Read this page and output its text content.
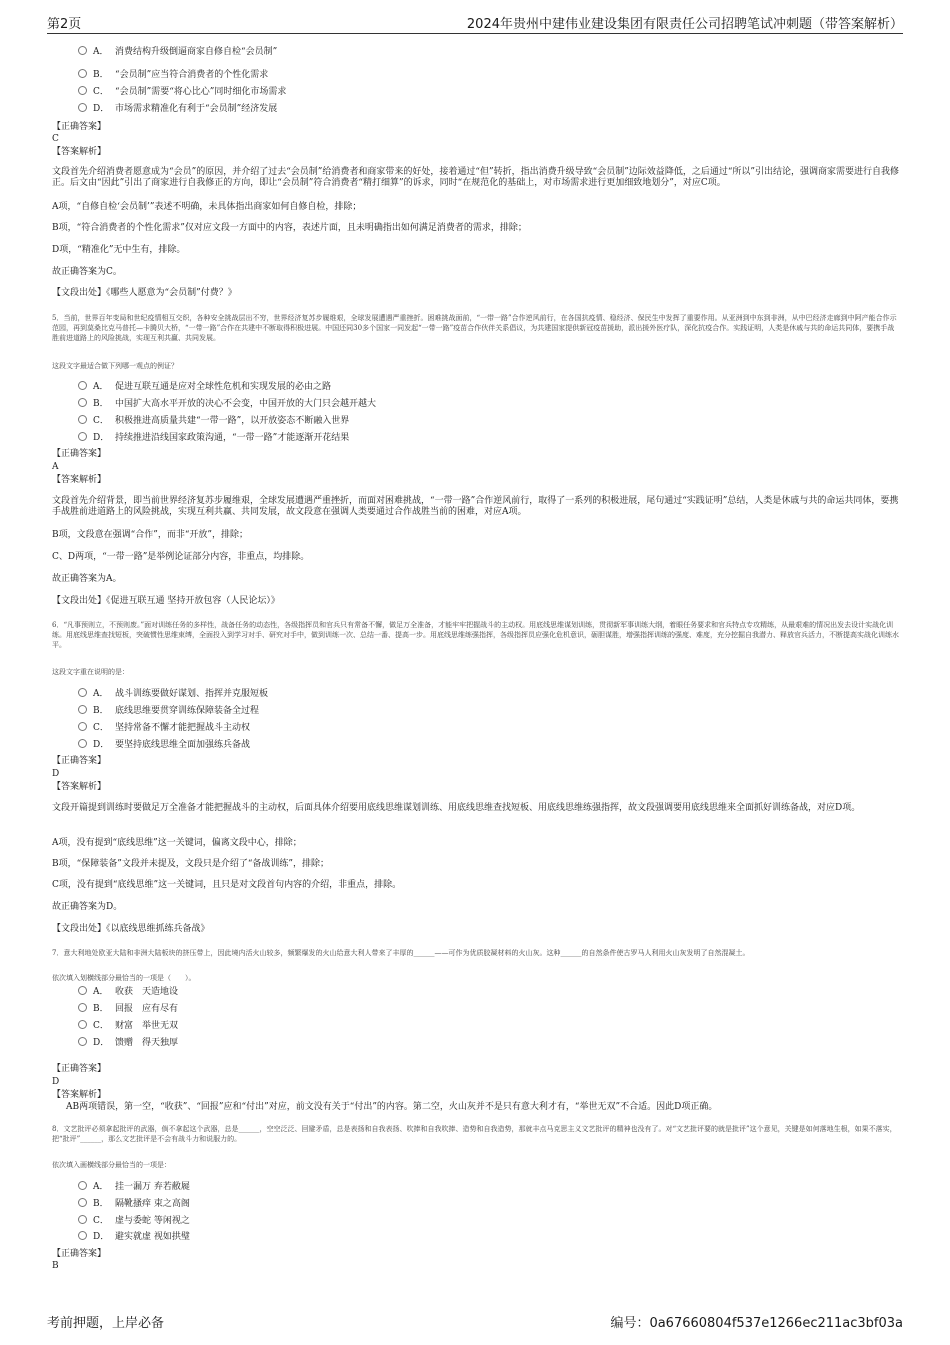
第2页	2024年贵州中建伟业建设集团有限责任公司招聘笔试冲刺题（带答案解析）
A． 消费结构升级倒逼商家自修自检“会员制”
B． “会员制”应当符合消费者的个性化需求
C． “会员制”需要“将心比心”同时细化市场需求
D． 市场需求精准化有利于“会员制”经济发展
【正确答案】
C
【答案解析】
文段首先介绍消费者愿意成为“会员”的原因，并介绍了过去“会员制”给消费者和商家带来的好处，接着通过“但”转折，指出消费升级导致“会员制”边际效益降低，之后通过“所以”引出结论，强调商家需要进行自我修正。后文由“因此”引出了商家进行自我修正的方向，即让“会员制”符合消费者“精打细算”的诉求，同时“在规范化的基础上，对市场需求进行更加细致地划分”，对应C项。
A项，“自修自检‘会员制’”表述不明确，未具体指出商家如何自修自检，排除；
B项，“符合消费者的个性化需求”仅对应文段一方面中的内容，表述片面，且未明确指出如何满足消费者的需求，排除；
D项，“精准化”无中生有，排除。
故正确答案为C。
【文段出处】《哪些人愿意为“会员制”付费？》
5．当前，世界百年变局和世纪疫情相互交织，各种安全挑战层出不穷，世界经济复苏步履维艰，全球发展遭遇严重挫折。困难挑战面前，“一带一路”合作逆风前行，在各国抗疫情、稳经济、保民生中发挥了重要作用。从亚洲到中东到非洲，从中巴经济走廊到中阿产能合作示范园，再到莫桑比克马普托—卡腾贝大桥，“一带一路”合作在共建中不断取得积极进展。中国还同30多个国家一同发起“一带一路”疫苗合作伙伴关系倡议，为共建国家提供新冠疫苗援助，派出援外医疗队，深化抗疫合作。实践证明，人类是休戚与共的命运共同体，要携手战胜前进道路上的风险挑战，实现互利共赢、共同发展。
这段文字最适合做下列哪一观点的例证？
A． 促进互联互通是应对全球性危机和实现发展的必由之路
B． 中国扩大高水平开放的决心不会变，中国开放的大门只会越开越大
C． 积极推进高质量共建“一带一路”，以开放姿态不断融入世界
D． 持续推进沿线国家政策沟通，“一带一路”才能逐渐开花结果
【正确答案】
A
【答案解析】
文段首先介绍背景，即当前世界经济复苏步履维艰，全球发展遭遇严重挫折，而面对困难挑战，“一带一路”合作逆风前行，取得了一系列的积极进展，尾句通过“实践证明”总结，人类是休戚与共的命运共同体，要携手战胜前进道路上的风险挑战，实现互利共赢、共同发展，故文段意在强调人类要通过合作战胜当前的困难，对应A项。
B项，文段意在强调“合作”，而非“开放”，排除；
C、D两项，“一带一路”是举例论证部分内容，非重点，均排除。
故正确答案为A。
【文段出处】《促进互联互通 坚持开放包容（人民论坛）》
6．“凡事预则立，不预则废。”面对训练任务的多样性，战备任务的动态性，各级指挥员和官兵只有常备不懈，做足万全准备，才能牢牢把握战斗的主动权。用底线思维谋划训练，贯彻新军事训练大纲，着眼任务要求和官兵特点专攻精练，从最艰难的情况出发去设计实战化训练。用底线思维查找短板，突破惯性思维束缚，全面投入到学习对手、研究对手中，做到训练一次、总结一番、提高一步。用底线思维练强指挥，各级指挥员应强化危机意识，砺胆谋胜，增强指挥训练的强度、难度，充分挖掘自我潜力、释放官兵活力，不断提高实战化训练水平。
这段文字重在说明的是：
A． 战斗训练要做好谋划、指挥并克服短板
B． 底线思维要贯穿训练保障装备全过程
C． 坚持常备不懈才能把握战斗主动权
D． 要坚持底线思维全面加强练兵备战
【正确答案】
D
【答案解析】
文段开篇提到训练时要做足万全准备才能把握战斗的主动权，后面具体介绍要用底线思维谋划训练、用底线思维查找短板、用底线思维练强指挥，故文段强调要用底线思维来全面抓好训练备战，对应D项。
A项，没有提到“底线思维”这一关键词，偏离文段中心，排除；
B项，“保障装备”文段并未提及，文段只是介绍了“备战训练”，排除；
C项，没有提到“底线思维”这一关键词，且只是对文段首句内容的介绍，非重点，排除。
故正确答案为D。
【文段出处】《以底线思维抓练兵备战》
7．意大利地处欧亚大陆和非洲大陆板块的挤压带上，因此境内活火山较多，频繁爆发的火山给意大利人带来了丰厚的______——可作为优质胶凝材料的火山灰。这种______的自然条件使古罗马人利用火山灰发明了自然混凝土。
依次填入划横线部分最恰当的一项是（　　）。
A． 收获　天造地设
B． 回报　应有尽有
C． 财富　举世无双
D． 馈赠　得天独厚
【正确答案】
D
【答案解析】
AB两项错误，第一空，“收获”、“回报”应和“付出”对应，前文没有关于“付出”的内容。第二空，火山灰并不是只有意大利才有，“举世无双”不合适。因此D项正确。
8．文艺批评必须拿起批评的武器，倘不拿起这个武器，总是______，空空泛泛、回避矛盾，总是表扬和自我表扬、吹捧和自我吹捧、造势和自我造势，那就丰点马克思主义文艺批评的精神也没有了。对“文艺批评要的就是批评”这个意见，关键是如何落地生根，如果不落实，把“批评”______，那么文艺批评是不会有战斗力和说服力的。
依次填入画横线部分最恰当的一项是：
A． 挂一漏万 弃若敝屣
B． 隔靴搔痒 束之高阁
C． 虚与委蛇 等闲视之
D． 避实就虚 视如拱璧
【正确答案】
B
考前押题，上岸必备	编号：0a67660804f537e1266ec211ac3bf03a
